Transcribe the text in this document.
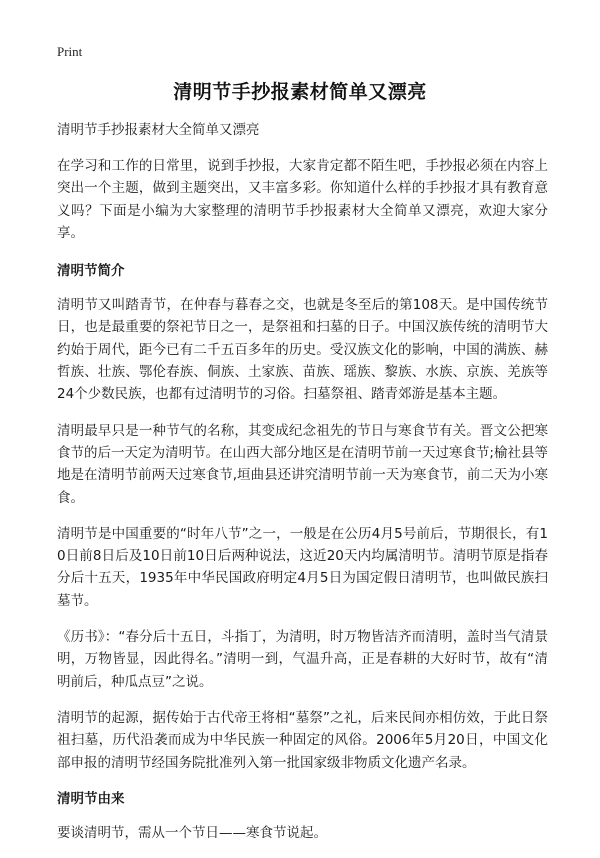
Print
清明节手抄报素材简单又漂亮
清明节手抄报素材大全简单又漂亮

在学习和工作的日常里，说到手抄报，大家肯定都不陌生吧，手抄报必须在内容上突出一个主题，做到主题突出，又丰富多彩。你知道什么样的手抄报才具有教育意义吗？下面是小编为大家整理的清明节手抄报素材大全简单又漂亮，欢迎大家分享。

清明节简介

清明节又叫踏青节，在仲春与暮春之交，也就是冬至后的第108天。是中国传统节日，也是最重要的祭祀节日之一，是祭祖和扫墓的日子。中国汉族传统的清明节大约始于周代，距今已有二千五百多年的历史。受汉族文化的影响，中国的满族、赫哲族、壮族、鄂伦春族、侗族、土家族、苗族、瑶族、黎族、水族、京族、羌族等24个少数民族，也都有过清明节的习俗。扫墓祭祖、踏青郊游是基本主题。

清明最早只是一种节气的名称，其变成纪念祖先的节日与寒食节有关。晋文公把寒食节的后一天定为清明节。在山西大部分地区是在清明节前一天过寒食节;榆社县等地是在清明节前两天过寒食节,垣曲县还讲究清明节前一天为寒食节，前二天为小寒食。

清明节是中国重要的“时年八节”之一，一般是在公历4月5号前后，节期很长，有10日前8日后及10日前10日后两种说法，这近20天内均属清明节。清明节原是指春分后十五天，1935年中华民国政府明定4月5日为国定假日清明节，也叫做民族扫墓节。

《历书》：“春分后十五日，斗指丁，为清明，时万物皆洁齐而清明，盖时当气清景明，万物皆显，因此得名。”清明一到，气温升高，正是春耕的大好时节，故有“清明前后，种瓜点豆”之说。

清明节的起源，据传始于古代帝王将相“墓祭”之礼，后来民间亦相仿效，于此日祭祖扫墓，历代沿袭而成为中华民族一种固定的风俗。2006年5月20日，中国文化部申报的清明节经国务院批准列入第一批国家级非物质文化遗产名录。

清明节由来

要谈清明节，需从一个节日——寒食节说起。
